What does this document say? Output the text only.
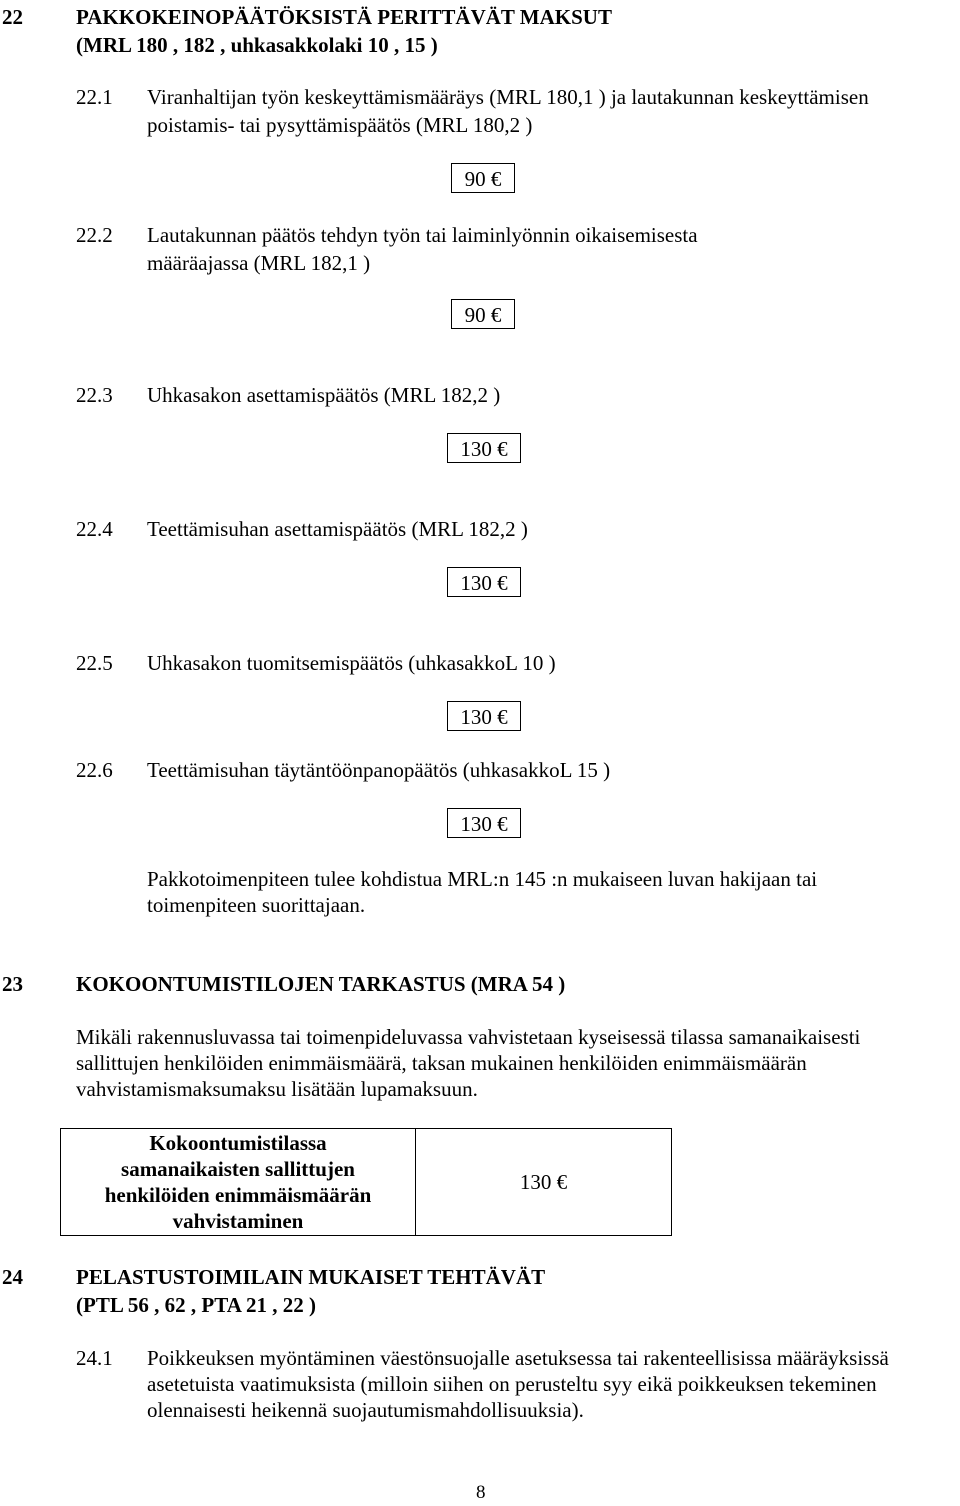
22	PAKKOKEINOPÄÄTÖKSISTÄ PERITTÄVÄT MAKSUT
(MRL 180 , 182 , uhkasakkolaki 10 , 15 )
22.1 Viranhaltijan työn keskeyttämismääräys (MRL 180,1 ) ja lautakunnan keskeyttämisen
poistamis- tai pysyttämispäätös (MRL 180,2 )
90 €
22.2 Lautakunnan päätös tehdyn työn tai laiminlyönnin oikaisemisesta
määräajassa (MRL 182,1 )
90 €
22.3 Uhkasakon asettamispäätös (MRL 182,2 )
130 €
22.4 Teettämisuhan asettamispäätös (MRL 182,2 )
130 €
22.5 Uhkasakon tuomitsemispäätös (uhkasakkoL 10 )
130 €
22.6 Teettämisuhan täytäntöönpanopäätös (uhkasakkoL 15 )
130 €
Pakkotoimenpiteen tulee kohdistua MRL:n 145 :n mukaiseen luvan hakijaan tai
toimenpiteen suorittajaan.
23	KOKOONTUMISTILOJEN TARKASTUS (MRA 54 )
Mikäli rakennusluvassa tai toimenpideluvassa vahvistetaan kyseisessä tilassa samanaikaisesti
sallittujen henkilöiden enimmäismäärä, taksan mukainen henkilöiden enimmäismäärän
vahvistamismaksumaksu lisätään lupamaksuun.
Kokoontumistilassa
samanaikaisten sallittujen
henkilöiden enimmäismäärän
vahvistaminen
130 €
24	PELASTUSTOIMILAIN MUKAISET TEHTÄVÄT
(PTL 56 , 62 , PTA 21 , 22 )
24.1 Poikkeuksen myöntäminen väestönsuojalle asetuksessa tai rakenteellisissa määräyksissä
asetetuista vaatimuksista (milloin siihen on perusteltu syy eikä poikkeuksen tekeminen
olennaisesti heikennä suojautumismahdollisuuksia).
8
